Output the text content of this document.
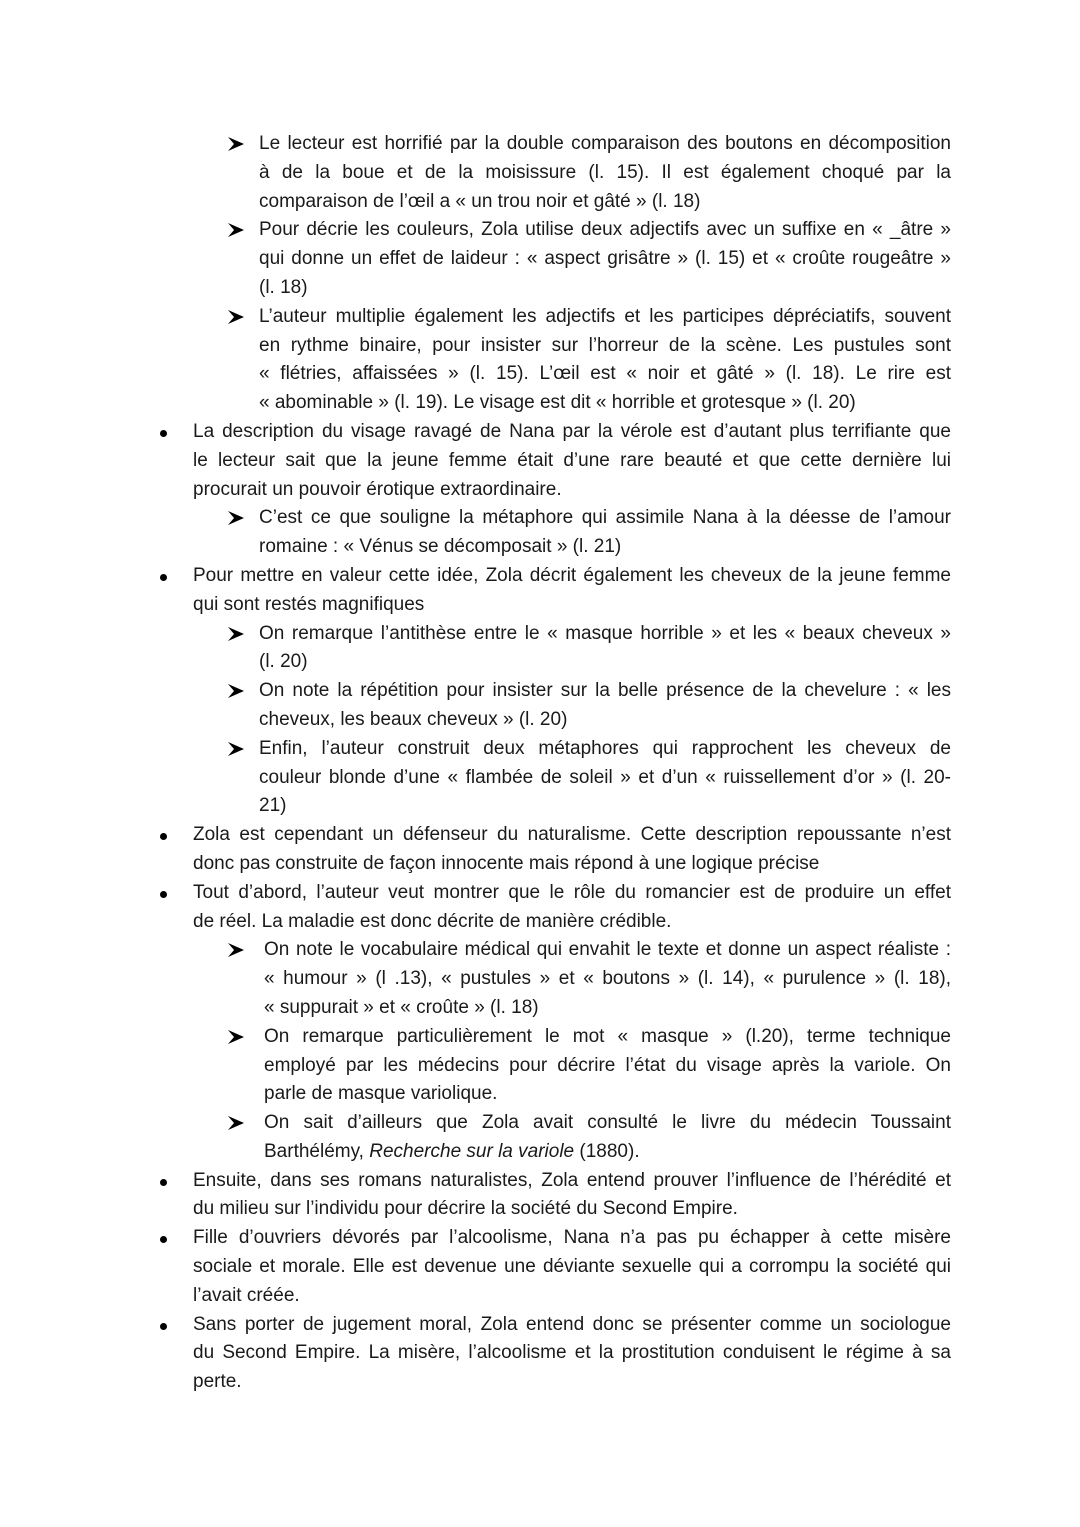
Le lecteur est horrifié par la double comparaison des boutons en décomposition
à de la boue et de la moisissure (l. 15). Il est également choqué par la
comparaison de l’œil a « un trou noir et gâté » (l. 18)
Pour décrie les couleurs, Zola utilise deux adjectifs avec un suffixe en « _âtre »
qui donne un effet de laideur : « aspect grisâtre » (l. 15) et « croûte rougeâtre »
(l. 18)
L’auteur multiplie également les adjectifs et les participes dépréciatifs, souvent
en rythme binaire, pour insister sur l’horreur de la scène. Les pustules sont
« flétries, affaissées » (l. 15). L’œil est « noir et gâté » (l. 18). Le rire est
« abominable » (l. 19). Le visage est dit « horrible et grotesque » (l. 20)
La description du visage ravagé de Nana par la vérole est d’autant plus terrifiante que
le lecteur sait que la jeune femme était d’une rare beauté et que cette dernière lui
procurait un pouvoir érotique extraordinaire.
C’est ce que souligne la métaphore qui assimile Nana à la déesse de l’amour
romaine : « Vénus se décomposait » (l. 21)
Pour mettre en valeur cette idée, Zola décrit également les cheveux de la jeune femme
qui sont restés magnifiques
On remarque l’antithèse entre le « masque horrible » et les « beaux cheveux »
(l. 20)
On note la répétition pour insister sur la belle présence de la chevelure : « les
cheveux, les beaux cheveux » (l. 20)
Enfin, l’auteur construit deux métaphores qui rapprochent les cheveux de
couleur blonde d’une « flambée de soleil » et d’un « ruissellement d’or » (l. 20-
21)
Zola est cependant un défenseur du naturalisme. Cette description repoussante n’est
donc pas construite de façon innocente mais répond à une logique précise
Tout d’abord, l’auteur veut montrer que le rôle du romancier est de produire un effet
de réel. La maladie est donc décrite de manière crédible.
On note le vocabulaire médical qui envahit le texte et donne un aspect réaliste :
« humour » (l .13), « pustules » et « boutons » (l. 14), « purulence » (l. 18),
« suppurait » et « croûte » (l. 18)
On remarque particulièrement le mot « masque » (l.20), terme technique
employé par les médecins pour décrire l’état du visage après la variole. On
parle de masque variolique.
On sait d’ailleurs que Zola avait consulté le livre du médecin Toussaint
Barthélémy, Recherche sur la variole (1880).
Ensuite, dans ses romans naturalistes, Zola entend prouver l’influence de l’hérédité et
du milieu sur l’individu pour décrire la société du Second Empire.
Fille d’ouvriers dévorés par l’alcoolisme, Nana n’a pas pu échapper à cette misère
sociale et morale. Elle est devenue une déviante sexuelle qui a corrompu la société qui
l’avait créée.
Sans porter de jugement moral, Zola entend donc se présenter comme un sociologue
du Second Empire. La misère, l’alcoolisme et la prostitution conduisent le régime à sa
perte.
